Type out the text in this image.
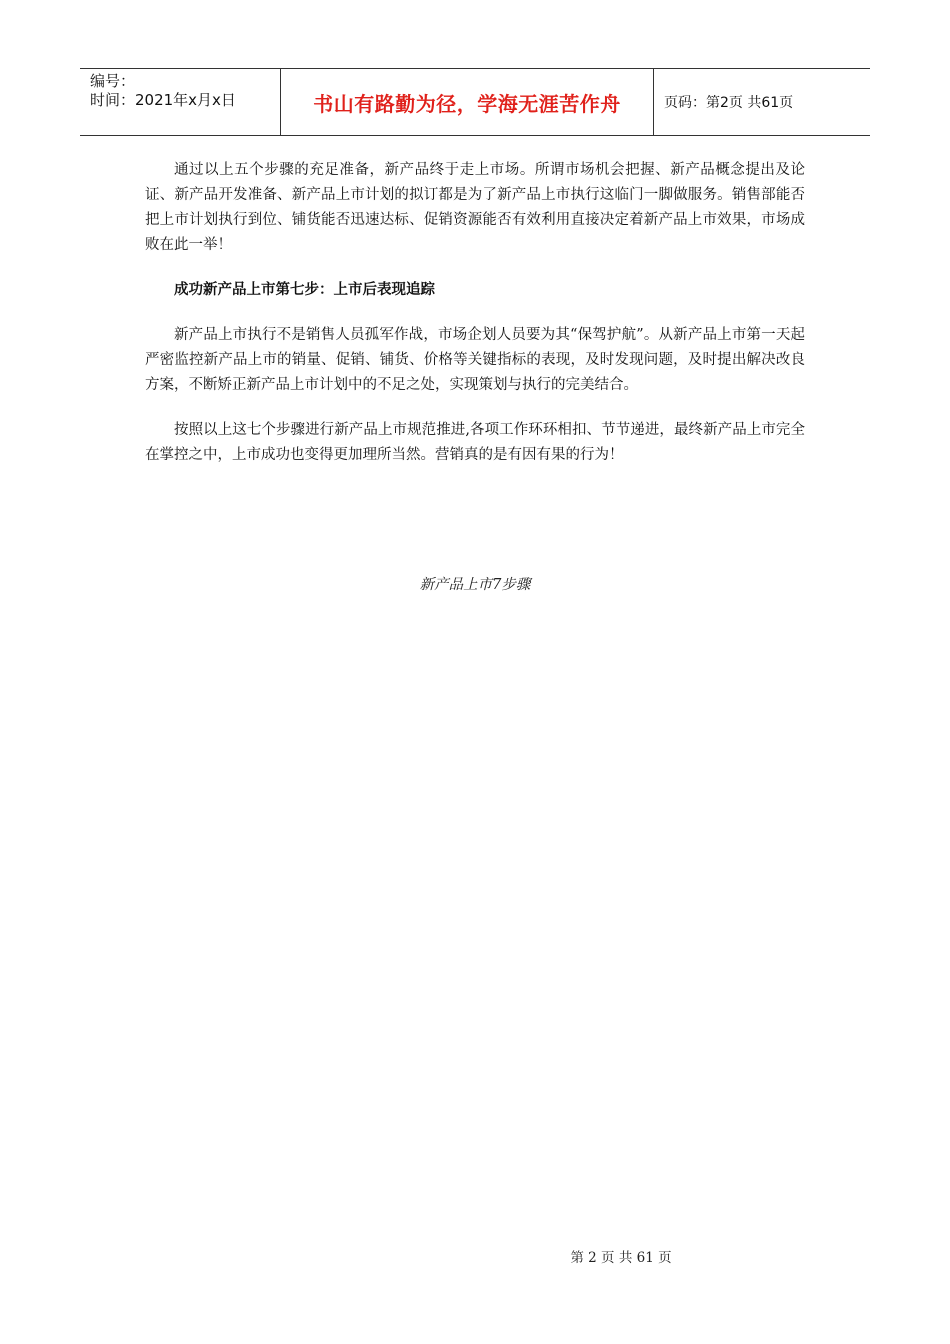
编号：
时间：2021年x月x日	书山有路勤为径，学海无涯苦作舟	页码：第2页 共61页

通过以上五个步骤的充足准备，新产品终于走上市场。所谓市场机会把握、新产品概念提出及论证、新产品开发准备、新产品上市计划的拟订都是为了新产品上市执行这临门一脚做服务。销售部能否把上市计划执行到位、铺货能否迅速达标、促销资源能否有效利用直接决定着新产品上市效果，市场成败在此一举！

成功新产品上市第七步：上市后表现追踪

新产品上市执行不是销售人员孤军作战，市场企划人员要为其“保驾护航”。从新产品上市第一天起严密监控新产品上市的销量、促销、铺货、价格等关键指标的表现，及时发现问题，及时提出解决改良方案，不断矫正新产品上市计划中的不足之处，实现策划与执行的完美结合。

按照以上这七个步骤进行新产品上市规范推进,各项工作环环相扣、节节递进，最终新产品上市完全在掌控之中，上市成功也变得更加理所当然。营销真的是有因有果的行为！

新产品上市7步骤
第 2 页 共 61 页
